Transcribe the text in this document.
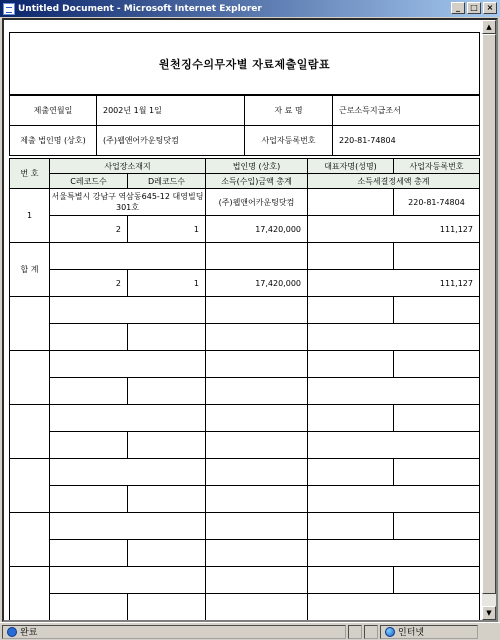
Untitled Document - Microsoft Internet Explorer	_	□	×
원천징수의무자별 자료제출일람표
제출연월일	2002년 1월 1일	자 료 명	근로소득지급조서
제출 법인명 (상호)	(주)웹앤어카운팅닷컴	사업자등록번호	220-81-74804
번 호	사업장소재지		법인명 (상호)	대표자명(성명)	사업자등록번호
	C레코드수	D레코드수	소득(수입)금액 총계	소득세결정세액 총계	
1	서울특별시 강남구 역삼동645-12 대영빌딩 301호		(주)웹앤어카운팅닷컴		220-81-74804
	2	1	17,420,000	111,127	
합 계					
	2	1	17,420,000	111,127	

▲
▼
완료	인터넷
